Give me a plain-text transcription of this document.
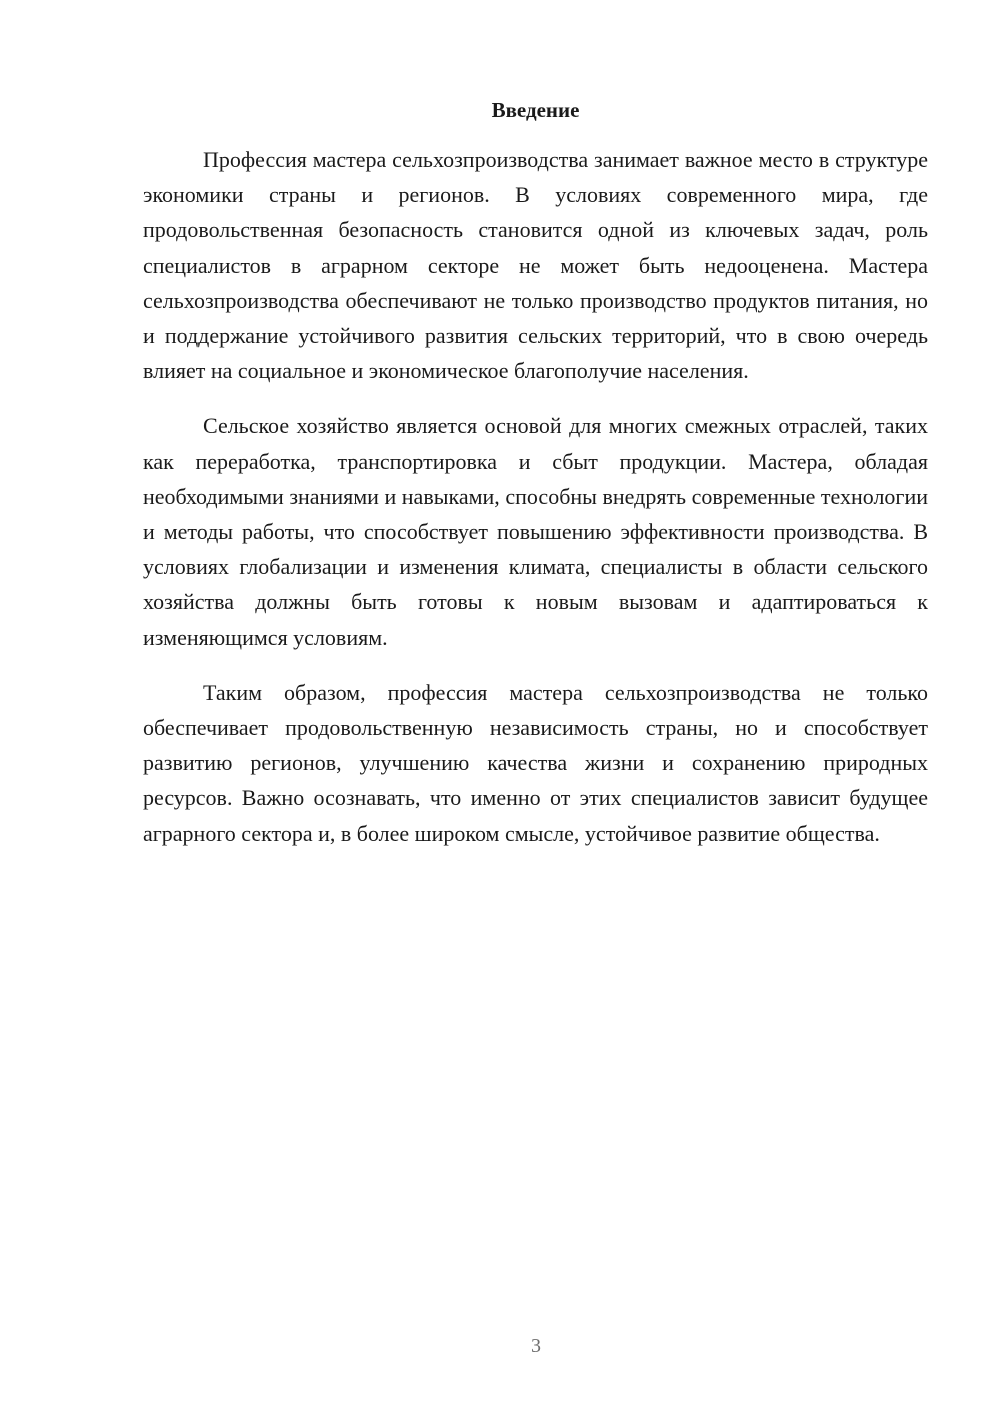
Введение

Профессия мастера сельхозпроизводства занимает важное место в структуре экономики страны и регионов. В условиях современного мира, где продовольственная безопасность становится одной из ключевых задач, роль специалистов в аграрном секторе не может быть недооценена. Мастера сельхозпроизводства обеспечивают не только производство продуктов питания, но и поддержание устойчивого развития сельских территорий, что в свою очередь влияет на социальное и экономическое благополучие населения.

Сельское хозяйство является основой для многих смежных отраслей, таких как переработка, транспортировка и сбыт продукции. Мастера, обладая необходимыми знаниями и навыками, способны внедрять современные технологии и методы работы, что способствует повышению эффективности производства. В условиях глобализации и изменения климата, специалисты в области сельского хозяйства должны быть готовы к новым вызовам и адаптироваться к изменяющимся условиям.

Таким образом, профессия мастера сельхозпроизводства не только обеспечивает продовольственную независимость страны, но и способствует развитию регионов, улучшению качества жизни и сохранению природных ресурсов. Важно осознавать, что именно от этих специалистов зависит будущее аграрного сектора и, в более широком смысле, устойчивое развитие общества.

3
